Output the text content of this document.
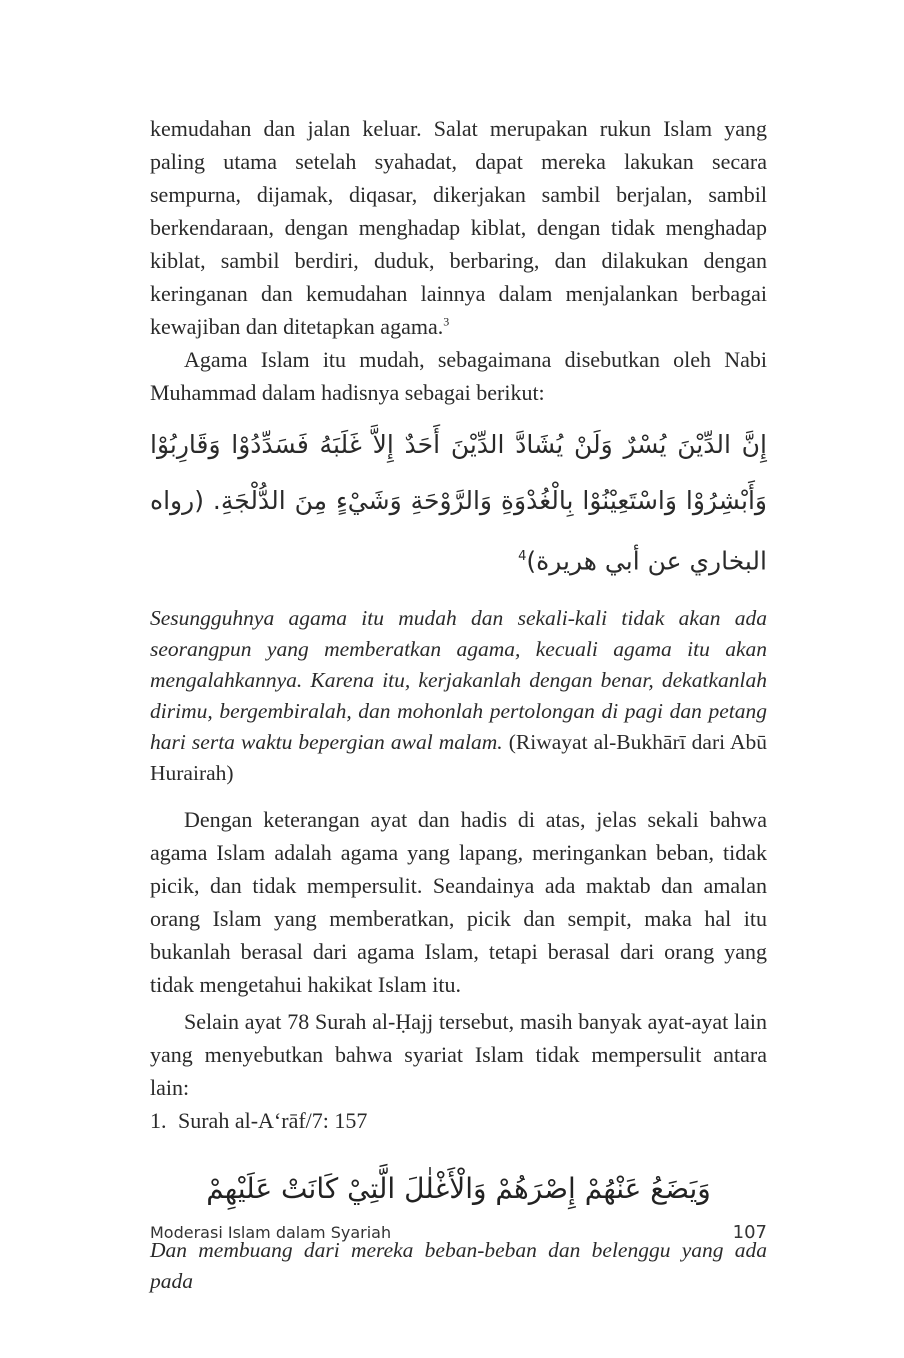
kemudahan dan jalan keluar. Salat merupakan rukun Islam yang paling utama setelah syahadat, dapat mereka lakukan secara sempurna, dijamak, diqasar, dikerjakan sambil berjalan, sambil berkendaraan, dengan menghadap kiblat, dengan tidak menghadap kiblat, sambil berdiri, duduk, berbaring, dan dilakukan dengan keringanan dan kemudahan lainnya dalam menjalankan berbagai kewajiban dan ditetapkan agama.$^3$

Agama Islam itu mudah, sebagaimana disebutkan oleh Nabi Muhammad dalam hadisnya sebagai berikut:

إِنَّ الدِّيْنَ يُسْرٌ وَلَنْ يُشَادَّ الدِّيْنَ أَحَدٌ إِلاَّ غَلَبَهُ فَسَدِّدُوْا وَقَارِبُوْا وَأَبْشِرُوْا وَاسْتَعِيْنُوْا بِالْغُدْوَةِ وَالرَّوْحَةِ وَشَيْءٍ مِنَ الدُّلْجَةِ. (رواه البخاري عن أبي هريرة)$^4$

Sesungguhnya agama itu mudah dan sekali-kali tidak akan ada seorangpun yang memberatkan agama, kecuali agama itu akan mengalahkannya. Karena itu, kerjakanlah dengan benar, dekatkanlah dirimu, bergembiralah, dan mohonlah pertolongan di pagi dan petang hari serta waktu bepergian awal malam. (Riwayat al-Bukhārī dari Abū Hurairah)

Dengan keterangan ayat dan hadis di atas, jelas sekali bahwa agama Islam adalah agama yang lapang, meringankan beban, tidak picik, dan tidak mempersulit. Seandainya ada maktab dan amalan orang Islam yang memberatkan, picik dan sempit, maka hal itu bukanlah berasal dari agama Islam, tetapi berasal dari orang yang tidak mengetahui hakikat Islam itu.

Selain ayat 78 Surah al-Ḥajj tersebut, masih banyak ayat-ayat lain yang menyebutkan bahwa syariat Islam tidak mempersulit antara lain:

1. Surah al-A‘rāf/7: 157
وَيَضَعُ عَنْهُمْ إِصْرَهُمْ وَالْأَغْلٰلَ الَّتِيْ كَانَتْ عَلَيْهِمْ

Dan membuang dari mereka beban-beban dan belenggu yang ada pada

Moderasi Islam dalam Syariah	107
